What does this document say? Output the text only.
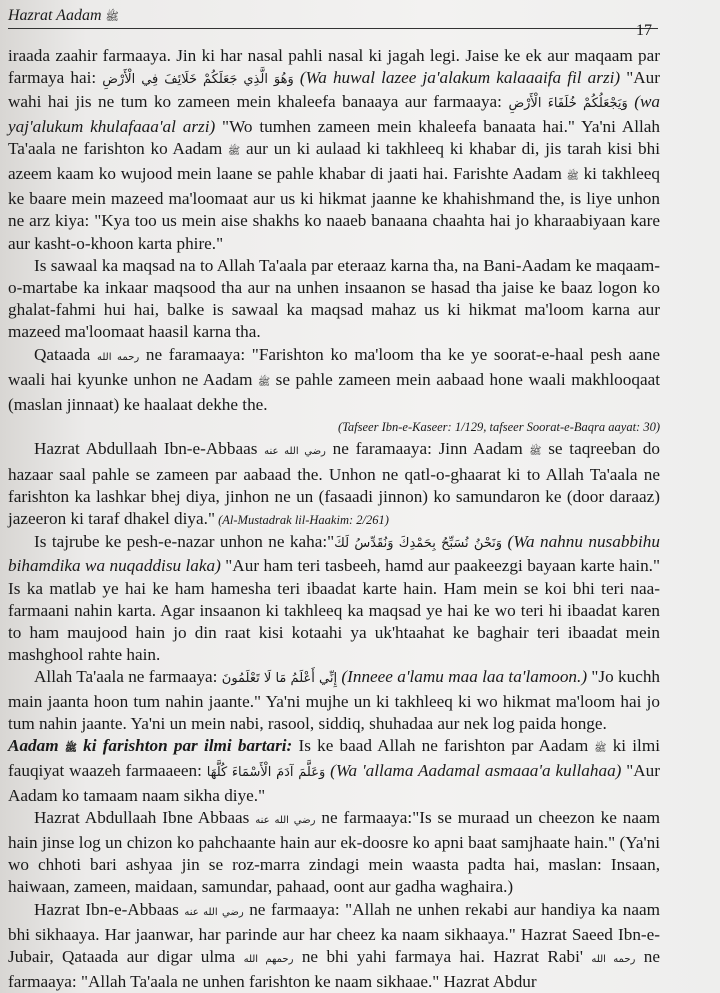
Hazrat Aadam ﷺ
17

iraada zaahir farmaaya. Jin ki har nasal pahli nasal ki jagah legi. Jaise ke ek aur maqaam par farmaya hai: وَهُوَ الَّذِي جَعَلَكُمْ خَلَائِفَ فِي الْأَرْضِ (Wa huwal lazee ja'alakum kalaaaifa fil arzi) "Aur wahi hai jis ne tum ko zameen mein khaleefa banaaya aur farmaaya: وَيَجْعَلُكُمْ خُلَفَاءَ الْأَرْضِ (wa yaj'alukum khulafaaa'al arzi) "Wo tumhen zameen mein khaleefa banaata hai." Ya'ni Allah Ta'aala ne farishton ko Aadam ﷺ aur un ki aulaad ki takhleeq ki khabar di, jis tarah kisi bhi azeem kaam ko wujood mein laane se pahle khabar di jaati hai. Farishte Aadam ﷺ ki takhleeq ke baare mein mazeed ma'loomaat aur us ki hikmat jaanne ke khahishmand the, is liye unhon ne arz kiya: "Kya too us mein aise shakhs ko naaeb banaana chaahta hai jo kharaabiyaan kare aur kasht-o-khoon karta phire."

Is sawaal ka maqsad na to Allah Ta'aala par eteraaz karna tha, na Bani-Aadam ke maqaam-o-martabe ka inkaar maqsood tha aur na unhen insaanon se hasad tha jaise ke baaz logon ko ghalat-fahmi hui hai, balke is sawaal ka maqsad mahaz us ki hikmat ma'loom karna aur mazeed ma'loomaat haasil karna tha.

Qataada رحمه الله ne faramaaya: "Farishton ko ma'loom tha ke ye soorat-e-haal pesh aane waali hai kyunke unhon ne Aadam ﷺ se pahle zameen mein aabaad hone waali makhlooqaat (maslan jinnaat) ke haalaat dekhe the.

(Tafseer Ibn-e-Kaseer: 1/129, tafseer Soorat-e-Baqra aayat: 30)

Hazrat Abdullaah Ibn-e-Abbaas رضي الله عنه ne faramaaya: Jinn Aadam ﷺ se taqreeban do hazaar saal pahle se zameen par aabaad the. Unhon ne qatl-o-ghaarat ki to Allah Ta'aala ne farishton ka lashkar bhej diya, jinhon ne un (fasaadi jinnon) ko samundaron ke (door daraaz) jazeeron ki taraf dhakel diya." (Al-Mustadrak lil-Haakim: 2/261)

Is tajrube ke pesh-e-nazar unhon ne kaha:"وَنَحْنُ نُسَبِّحُ بِحَمْدِكَ وَنُقَدِّسُ لَكَ (Wa nahnu nusabbihu bihamdika wa nuqaddisu laka) "Aur ham teri tasbeeh, hamd aur paakeezgi bayaan karte hain." Is ka matlab ye hai ke ham hamesha teri ibaadat karte hain. Ham mein se koi bhi teri naa-farmaani nahin karta. Agar insaanon ki takhleeq ka maqsad ye hai ke wo teri hi ibaadat karen to ham maujood hain jo din raat kisi kotaahi ya uk'htaahat ke baghair teri ibaadat mein mashghool rahte hain.

Allah Ta'aala ne farmaaya: إِنِّي أَعْلَمُ مَا لَا تَعْلَمُونَ (Inneee a'lamu maa laa ta'lamoon.) "Jo kuchh main jaanta hoon tum nahin jaante." Ya'ni mujhe un ki takhleeq ki wo hikmat ma'loom hai jo tum nahin jaante. Ya'ni un mein nabi, rasool, siddiq, shuhadaa aur nek log paida honge.

Aadam ﷺ ki farishton par ilmi bartari: Is ke baad Allah ne farishton par Aadam ﷺ ki ilmi fauqiyat waazeh farmaaeen: وَعَلَّمَ آدَمَ الْأَسْمَاءَ كُلَّهَا (Wa 'allama Aadamal asmaaa'a kullahaa) "Aur Aadam ko tamaam naam sikha diye."

Hazrat Abdullaah Ibne Abbaas رضي الله عنه ne farmaaya:"Is se muraad un cheezon ke naam hain jinse log un chizon ko pahchaante hain aur ek-doosre ko apni baat samjhaate hain." (Ya'ni wo chhoti bari ashyaa jin se roz-marra zindagi mein waasta padta hai, maslan: Insaan, haiwaan, zameen, maidaan, samundar, pahaad, oont aur gadha waghaira.)

Hazrat Ibn-e-Abbaas رضي الله عنه ne farmaaya: "Allah ne unhen rekabi aur handiya ka naam bhi sikhaaya. Har jaanwar, har parinde aur har cheez ka naam sikhaaya." Hazrat Saeed Ibn-e-Jubair, Qataada aur digar ulma رحمهم الله ne bhi yahi farmaya hai. Hazrat Rabi' رحمه الله ne farmaaya: "Allah Ta'aala ne unhen farishton ke naam sikhaae." Hazrat Abdur
